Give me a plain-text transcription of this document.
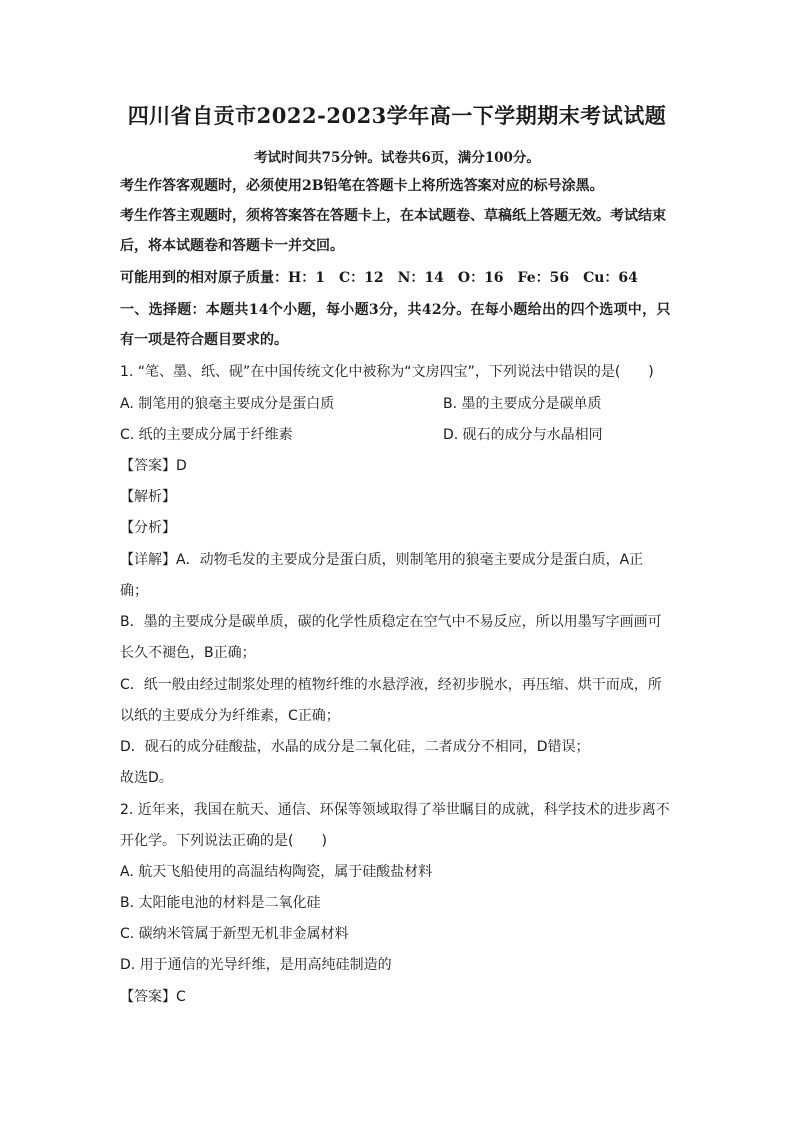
四川省自贡市2022-2023学年高一下学期期末考试试题
考试时间共75分钟。试卷共6页，满分100分。
考生作答客观题时，必须使用2B铅笔在答题卡上将所选答案对应的标号涂黑。
考生作答主观题时，须将答案答在答题卡上，在本试题卷、草稿纸上答题无效。考试结束
后，将本试题卷和答题卡一并交回。
可能用到的相对原子质量：H：1　C：12　N：14　O：16　Fe：56　Cu：64
一、选择题：本题共14个小题，每小题3分，共42分。在每小题给出的四个选项中，只
有一项是符合题目要求的。
1. “笔、墨、纸、砚”在中国传统文化中被称为“文房四宝”，下列说法中错误的是(　　)
A. 制笔用的狼毫主要成分是蛋白质	B. 墨的主要成分是碳单质
C. 纸的主要成分属于纤维素	D. 砚石的成分与水晶相同
【答案】D
【解析】
【分析】
【详解】A．动物毛发的主要成分是蛋白质，则制笔用的狼毫主要成分是蛋白质，A正
确；
B．墨的主要成分是碳单质，碳的化学性质稳定在空气中不易反应，所以用墨写字画画可
长久不褪色，B正确；
C．纸一般由经过制浆处理的植物纤维的水悬浮液，经初步脱水，再压缩、烘干而成，所
以纸的主要成分为纤维素，C正确；
D．砚石的成分硅酸盐，水晶的成分是二氧化硅，二者成分不相同，D错误；
故选D。
2. 近年来，我国在航天、通信、环保等领域取得了举世瞩目的成就，科学技术的进步离不
开化学。下列说法正确的是(　　)
A. 航天飞船使用的高温结构陶瓷，属于硅酸盐材料
B. 太阳能电池的材料是二氧化硅
C. 碳纳米管属于新型无机非金属材料
D. 用于通信的光导纤维，是用高纯硅制造的
【答案】C
